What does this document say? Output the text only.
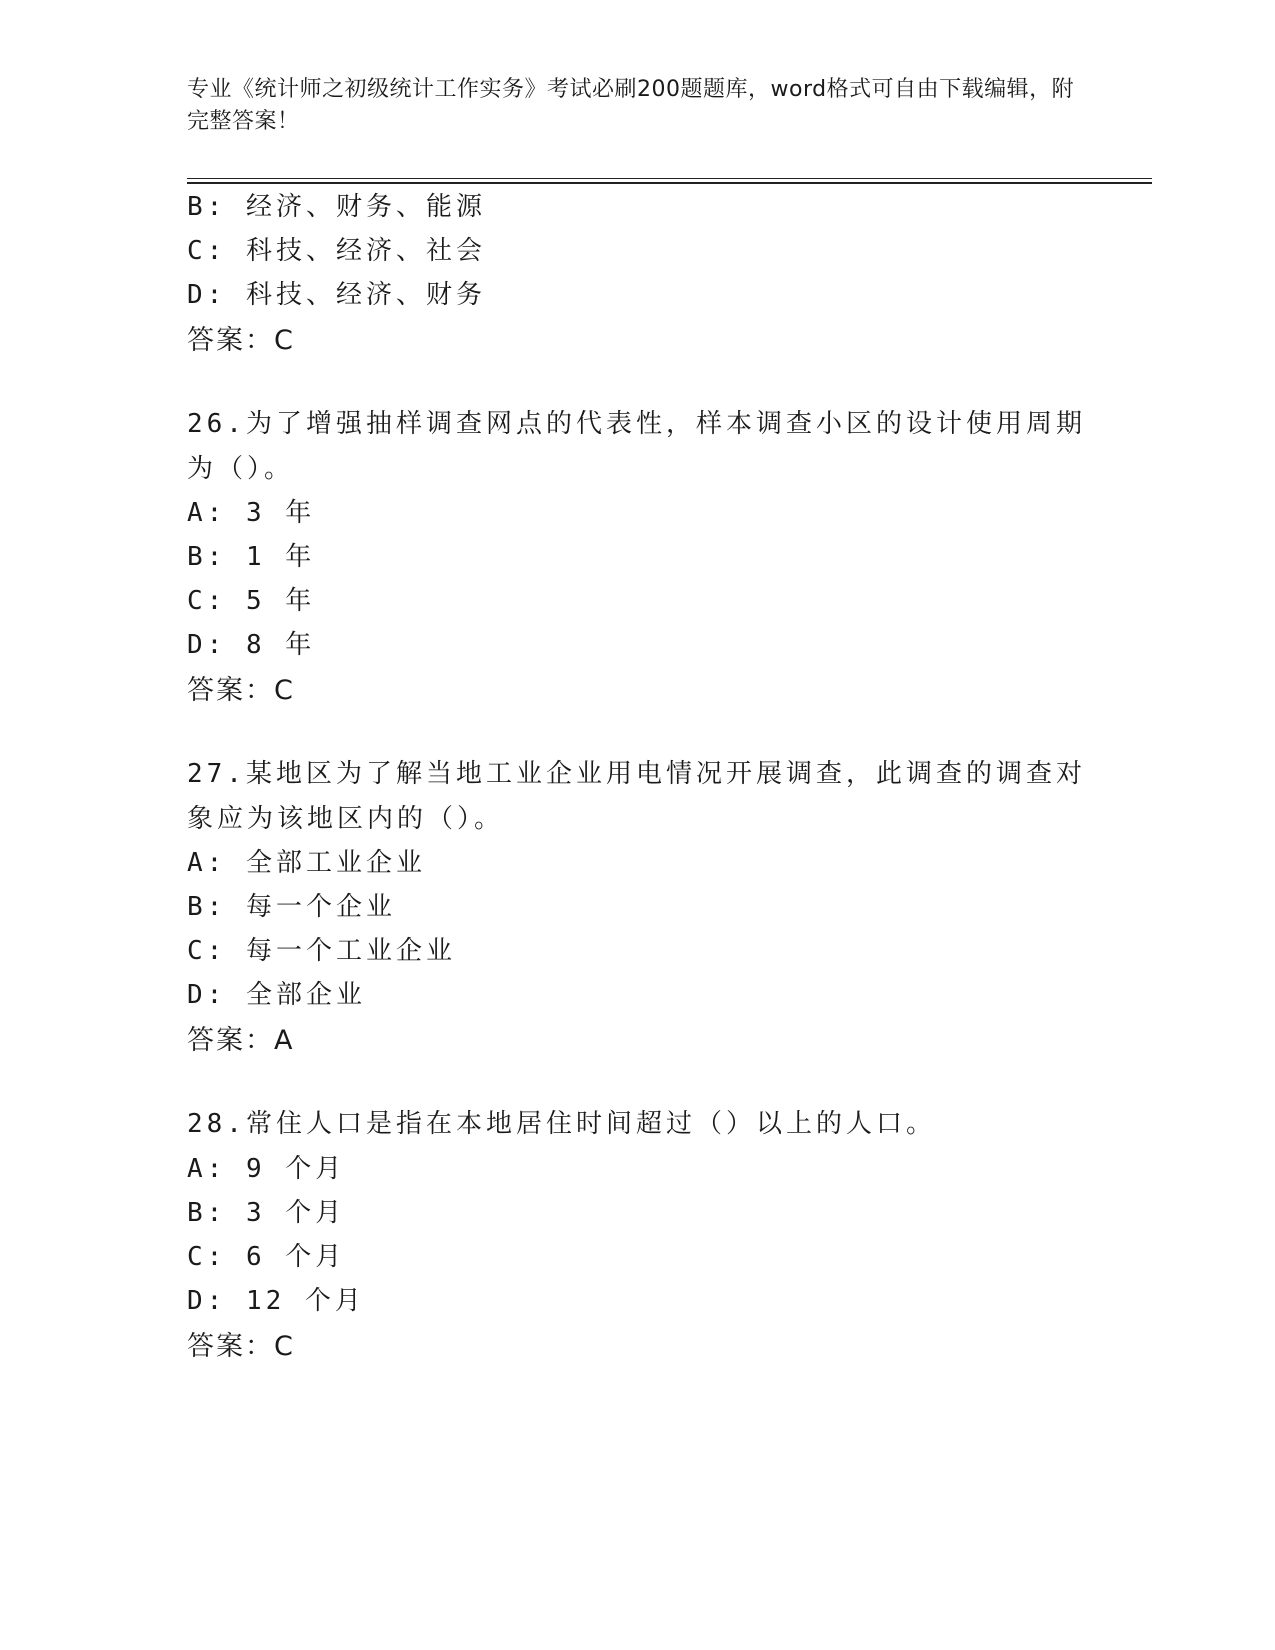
专业《统计师之初级统计工作实务》考试必刷200题题库，word格式可自由下载编辑，附完整答案！
B: 经济、财务、能源
C: 科技、经济、社会
D: 科技、经济、财务
答案：C
26.为了增强抽样调查网点的代表性，样本调查小区的设计使用周期为（）。
A: 3 年
B: 1 年
C: 5 年
D: 8 年
答案：C
27.某地区为了解当地工业企业用电情况开展调查，此调查的调查对象应为该地区内的（）。
A: 全部工业企业
B: 每一个企业
C: 每一个工业企业
D: 全部企业
答案：A
28.常住人口是指在本地居住时间超过（）以上的人口。
A: 9 个月
B: 3 个月
C: 6 个月
D: 12 个月
答案：C
